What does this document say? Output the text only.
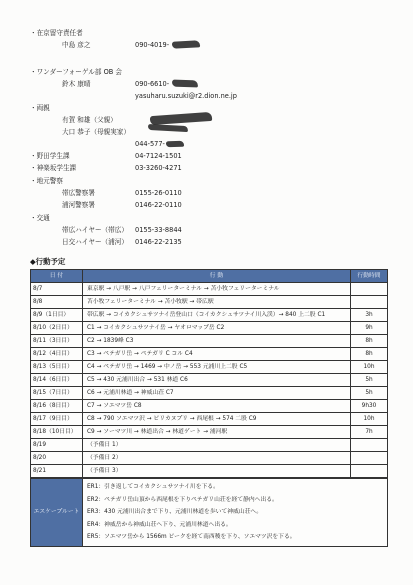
・在京留守責任者
中島 彦之	090-4019-
・ワンダーフォーゲル部 OB 会
鈴木 康晴	090-6610-
yasuharu.suzuki@r2.dion.ne.jp
・両親
有賀 和雄（父親）
大口 恭子（母親実家）
044-577-
・野田学生課	04-7124-1501
・神楽坂学生課	03-3260-4271
・地元警察
帯広警察署	0155-26-0110
浦河警察署	0146-22-0110
・交通
帯広ハイヤー（帯広） 0155-33-8844
日交ハイヤー（浦河） 0146-22-2135
◆行動予定
日 付	行 動	行動時間
8/7	東京駅 → 八戸駅 → 八戸フェリーターミナル → 苫小牧フェリーターミナル	
8/8	苫小牧フェリーターミナル → 苫小牧駅 → 帯広駅	
8/9（1日目）	帯広駅 → コイカクシュサツナイ岳登山口（コイカクシュサツナイ川入渓）→ 840 上二股 C1	3h
8/10（2日目）	C1 → コイカクシュサツナイ岳 → ヤオロマップ岳 C2	9h
8/11（3日目）	C2 → 1839峰 C3	8h
8/12（4日目）	C3 → ペテガリ岳 → ペテガリ C コル C4	8h
8/13（5日目）	C4 → ペテガリ岳 → 1469 → 中ノ岳 → 553 元浦川上二股 C5	10h
8/14（6日目）	C5 → 430 元浦川出合 → 531 林道 C6	5h
8/15（7日目）	C6 → 元浦川林道 → 神威山荘 C7	5h
8/16（8日目）	C7 → ソエマツ岳 C8	9h30
8/17（9日目）	C8 → 790 ソエマツ沢 → ピリカヌプリ → 西尾根 → 574 二股 C9	10h
8/18（10日目）	C9 → ソーマツ川 → 林道出合 → 林道ゲート → 浦河駅	7h
8/19	（予備日 1）	
8/20	（予備日 2）	
8/21	（予備日 3）	
エスケープルート	
ER1：引き返してコイカクシュサツナイ川を下る。
ER2：ペテガリ岳山頂から西尾根を下りペテガリ山荘を経て静内へ出る。
ER3：430 元浦川出合まで下り、元浦川林道を歩いて神威山荘へ。
ER4：神威岳から神威山荘へ下り、元浦川林道へ出る。
ER5：ソエマツ岳から 1566m ピークを経て南西稜を下り、ソエマツ沢を下る。
